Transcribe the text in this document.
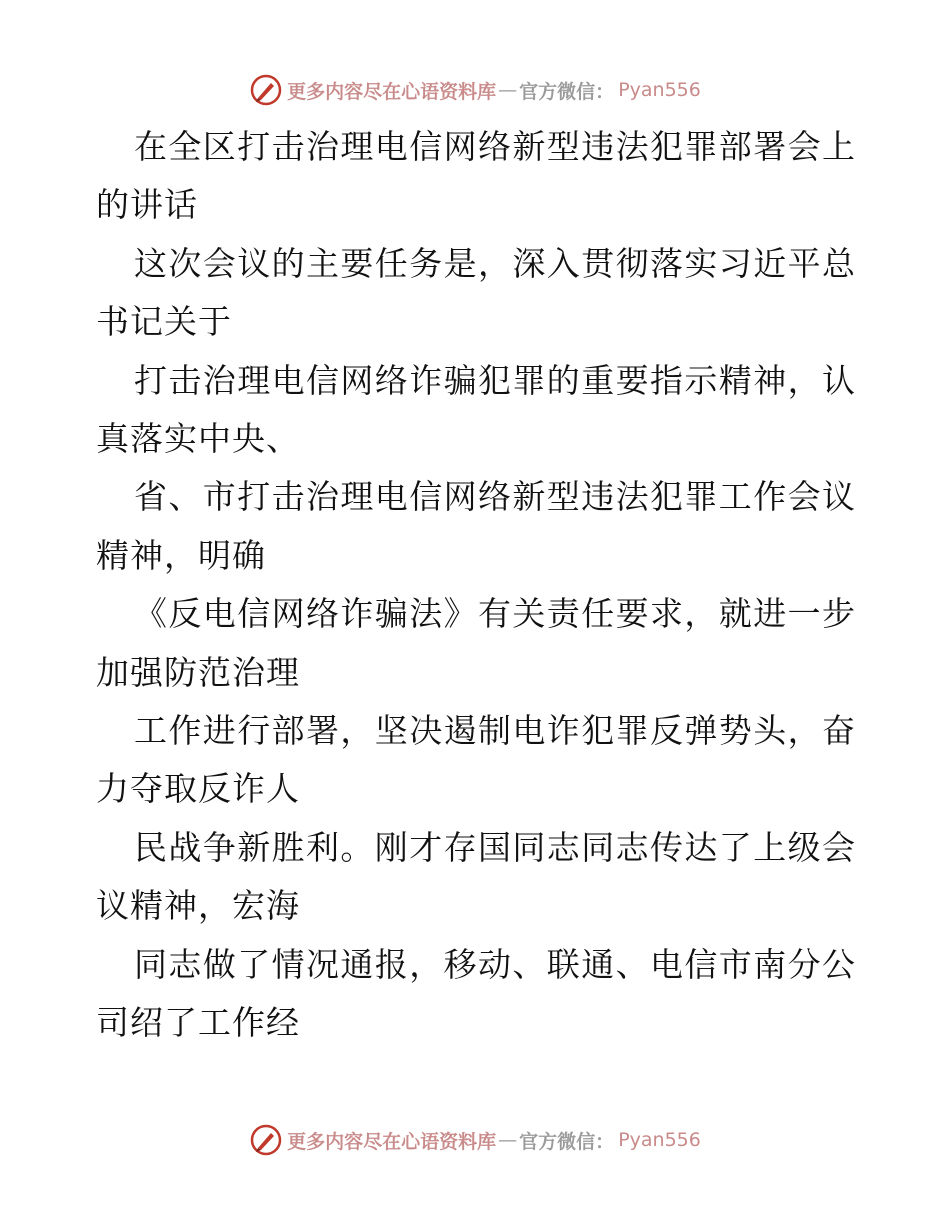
更多内容尽在心语资料库 — 官方微信： Pyan556

在全区打击治理电信网络新型违法犯罪部署会上的讲话

这次会议的主要任务是，深入贯彻落实习近平总书记关于

打击治理电信网络诈骗犯罪的重要指示精神，认真落实中央、

省、市打击治理电信网络新型违法犯罪工作会议精神，明确

《反电信网络诈骗法》有关责任要求，就进一步加强防范治理

工作进行部署，坚决遏制电诈犯罪反弹势头，奋力夺取反诈人

民战争新胜利。刚才存国同志同志传达了上级会议精神，宏海

同志做了情况通报，移动、联通、电信市南分公司绍了工作经

更多内容尽在心语资料库 — 官方微信： Pyan556
